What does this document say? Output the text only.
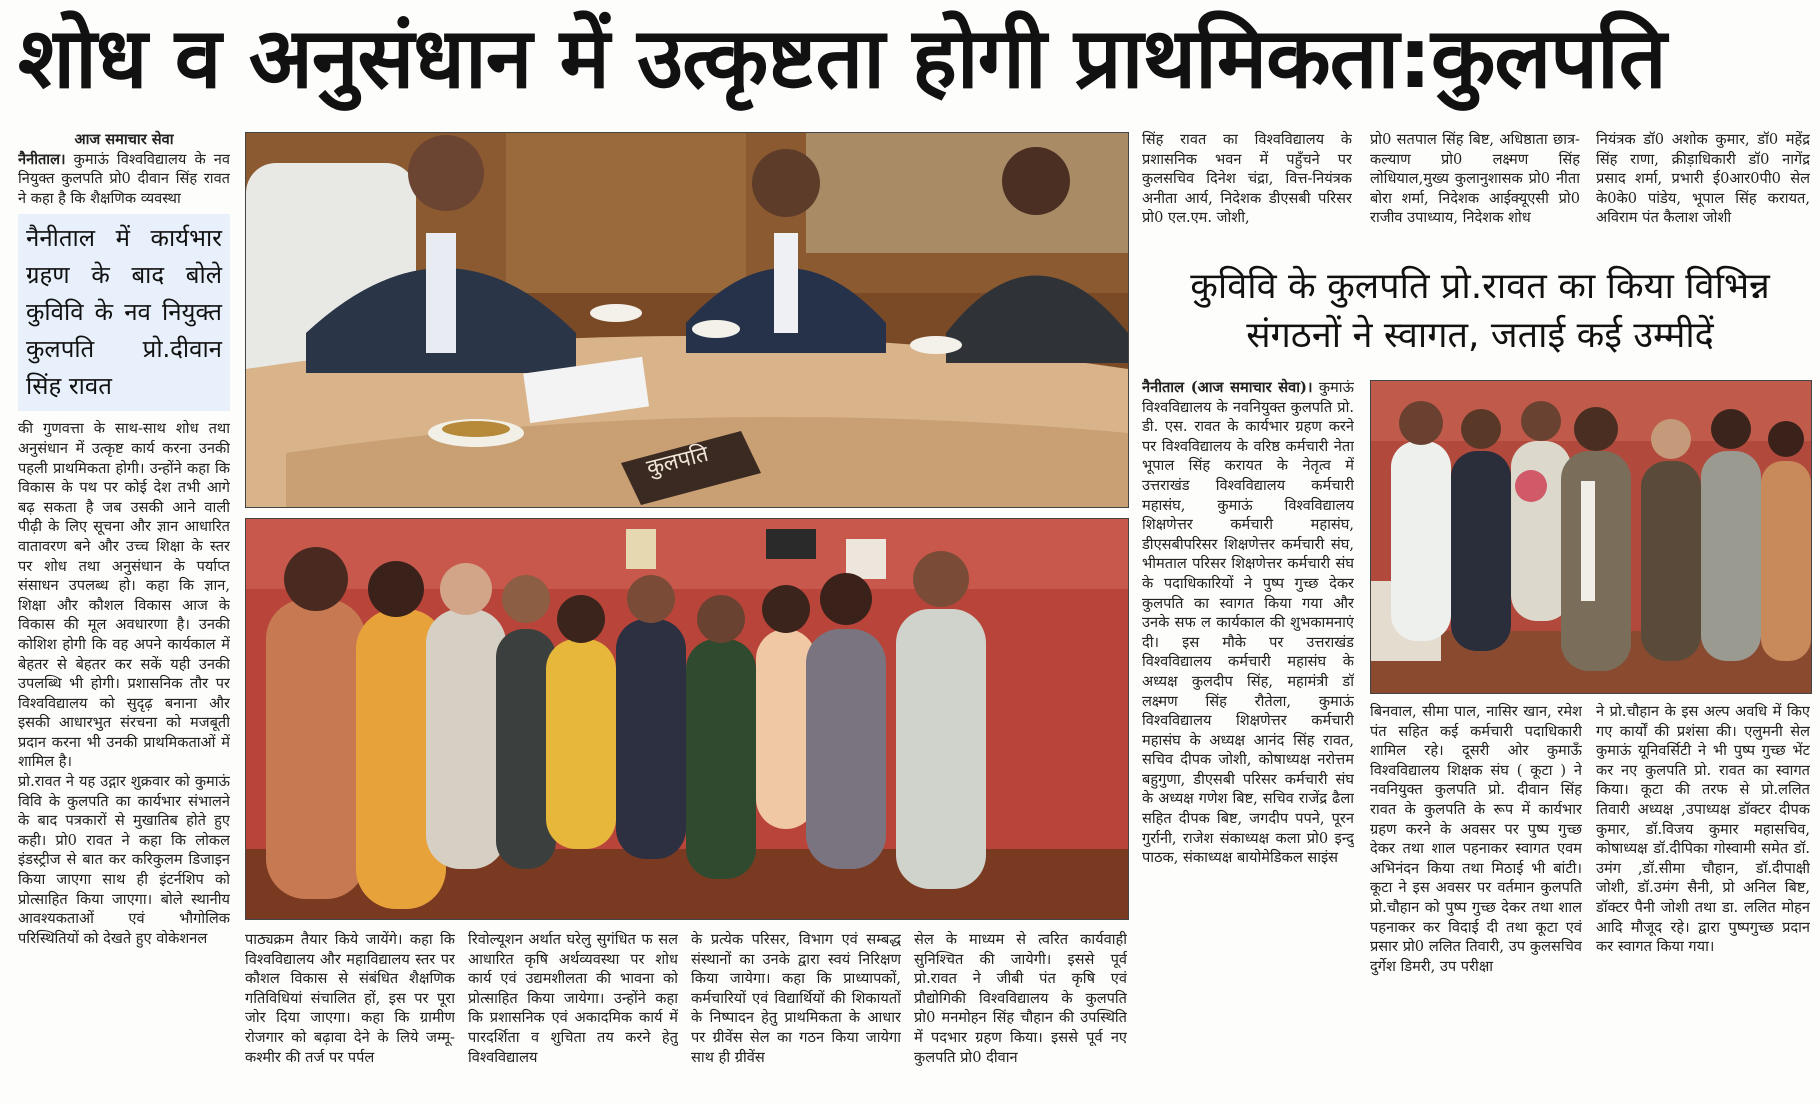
शोध व अनुसंधान में उत्कृष्टता होगी प्राथमिकता:कुलपति

आज समाचार सेवा

नैनीताल। कुमाऊं विश्वविद्यालय के नव नियुक्त कुलपति प्रो0 दीवान सिंह रावत ने कहा है कि शैक्षणिक व्यवस्था

नैनीताल में कार्यभार ग्रहण के बाद बोले कुविवि के नव नियुक्त कुलपति प्रो.दीवान सिंह रावत

की गुणवत्ता के साथ-साथ शोध तथा अनुसंधान में उत्कृष्ट कार्य करना उनकी पहली प्राथमिकता होगी। उन्होंने कहा कि विकास के पथ पर कोई देश तभी आगे बढ़ सकता है जब उसकी आने वाली पीढ़ी के लिए सूचना और ज्ञान आधारित वातावरण बने और उच्च शिक्षा के स्तर पर शोध तथा अनुसंधान के पर्याप्त संसाधन उपलब्ध हो। कहा कि ज्ञान, शिक्षा और कौशल विकास आज के विकास की मूल अवधारणा है। उनकी कोशिश होगी कि वह अपने कार्यकाल में बेहतर से बेहतर कर सकें यही उनकी उपलब्धि भी होगी। प्रशासनिक तौर पर विश्वविद्यालय को सुदृढ़ बनाना और इसकी आधारभुत संरचना को मजबूती प्रदान करना भी उनकी प्राथमिकताओं में शामिल है।

प्रो.रावत ने यह उद्गार शुक्रवार को कुमाऊं विवि के कुलपति का कार्यभार संभालने के बाद पत्रकारों से मुखातिब होते हुए कही। प्रो0 रावत ने कहा कि लोकल इंडस्ट्रीज से बात कर करिकुलम डिजाइन किया जाएगा साथ ही इंटर्नशिप को प्रोत्साहित किया जाएगा। बोले स्थानीय आवश्यकताओं एवं भौगोलिक परिस्थितियों को देखते हुए वोकेशनल

कुलपति
पाठ्यक्रम तैयार किये जायेंगे। कहा कि विश्वविद्यालय और महाविद्यालय स्तर पर कौशल विकास से संबंधित शैक्षणिक गतिविधियां संचालित हों, इस पर पूरा जोर दिया जाएगा। कहा कि ग्रामीण रोजगार को बढ़ावा देने के लिये जम्मू-कश्मीर की तर्ज पर पर्पल
रिवोल्यूशन अर्थात घरेलु सुगंधित फ सल आधारित कृषि अर्थव्यवस्था पर शोध कार्य एवं उद्यमशीलता की भावना को प्रोत्साहित किया जायेगा। उन्होंने कहा कि प्रशासनिक एवं अकादमिक कार्य में पारदर्शिता व शुचिता तय करने हेतु विश्वविद्यालय
के प्रत्येक परिसर, विभाग एवं सम्बद्ध संस्थानों का उनके द्वारा स्वयं निरिक्षण किया जायेगा। कहा कि प्राध्यापकों, कर्मचारियों एवं विद्यार्थियों की शिकायतों के निष्पादन हेतु प्राथमिकता के आधार पर ग्रीवेंस सेल का गठन किया जायेगा साथ ही ग्रीवेंस
सेल के माध्यम से त्वरित कार्यवाही सुनिश्चित की जायेगी। इससे पूर्व प्रो.रावत ने जीबी पंत कृषि एवं प्रौद्योगिकी विश्वविद्यालय के कुलपति प्रो0 मनमोहन सिंह चौहान की उपस्थिति में पदभार ग्रहण किया। इससे पूर्व नए कुलपति प्रो0 दीवान
सिंह रावत का विश्वविद्यालय के प्रशासनिक भवन में पहुँचने पर कुलसचिव दिनेश चंद्रा, वित्त-नियंत्रक अनीता आर्य, निदेशक डीएसबी परिसर प्रो0 एल.एम. जोशी,
प्रो0 सतपाल सिंह बिष्ट, अधिष्ठाता छात्र-कल्याण प्रो0 लक्ष्मण सिंह लोधियाल,मुख्य कुलानुशासक प्रो0 नीता बोरा शर्मा, निदेशक आईक्यूएसी प्रो0 राजीव उपाध्याय, निदेशक शोध
नियंत्रक डॉ0 अशोक कुमार, डॉ0 महेंद्र सिंह राणा, क्रीड़ाधिकारी डॉ0 नागेंद्र प्रसाद शर्मा, प्रभारी ई0आर0पी0 सेल के0के0 पांडेय, भूपाल सिंह करायत, अविराम पंत कैलाश जोशी
कुविवि के कुलपति प्रो.रावत का किया विभिन्न संगठनों ने स्वागत, जताई कई उम्मीदें

नैनीताल (आज समाचार सेवा)। कुमाऊं विश्वविद्यालय के नवनियुक्त कुलपति प्रो. डी. एस. रावत के कार्यभार ग्रहण करने पर विश्वविद्यालय के वरिष्ठ कर्मचारी नेता भूपाल सिंह करायत के नेतृत्व में उत्तराखंड विश्वविद्यालय कर्मचारी महासंघ, कुमाऊं विश्वविद्यालय शिक्षणेत्तर कर्मचारी महासंघ, डीएसबीपरिसर शिक्षणेत्तर कर्मचारी संघ, भीमताल परिसर शिक्षणेत्तर कर्मचारी संघ के पदाधिकारियों ने पुष्प गुच्छ देकर कुलपति का स्वागत किया गया और उनके सफ ल कार्यकाल की शुभकामनाएं दी। इस मौके पर उत्तराखंड विश्वविद्यालय कर्मचारी महासंघ के अध्यक्ष कुलदीप सिंह, महामंत्री डॉ लक्ष्मण सिंह रौतेला, कुमाऊं विश्वविद्यालय शिक्षणेत्तर कर्मचारी महासंघ के अध्यक्ष आनंद सिंह रावत, सचिव दीपक जोशी, कोषाध्यक्ष नरोत्तम बहुगुणा, डीएसबी परिसर कर्मचारी संघ के अध्यक्ष गणेश बिष्ट, सचिव राजेंद्र ढैला सहित दीपक बिष्ट, जगदीप पपने, पूरन गुर्रानी, राजेश संकाध्यक्ष कला प्रो0 इन्दु पाठक, संकाध्यक्ष बायोमेडिकल साइंस

बिनवाल, सीमा पाल, नासिर खान, रमेश पंत सहित कई कर्मचारी पदाधिकारी शामिल रहे। दूसरी ओर कुमाऊँ विश्वविद्यालय शिक्षक संघ ( कूटा ) ने नवनियुक्त कुलपति प्रो. दीवान सिंह रावत के कुलपति के रूप में कार्यभार ग्रहण करने के अवसर पर पुष्प गुच्छ देकर तथा शाल पहनाकर स्वागत एवम अभिनंदन किया तथा मिठाई भी बांटी। कूटा ने इस अवसर पर वर्तमान कुलपति प्रो.चौहान को पुष्प गुच्छ देकर तथा शाल पहनाकर कर विदाई दी तथा कूटा एवं प्रसार प्रो0 ललित तिवारी, उप कुलसचिव दुर्गेश डिमरी, उप परीक्षा
ने प्रो.चौहान के इस अल्प अवधि में किए गए कार्यों की प्रशंसा की। एलुमनी सेल कुमाऊं यूनिवर्सिटी ने भी पुष्प गुच्छ भेंट कर नए कुलपति प्रो. रावत का स्वागत किया। कूटा की तरफ से प्रो.ललित तिवारी अध्यक्ष ,उपाध्यक्ष डॉक्टर दीपक कुमार, डॉ.विजय कुमार महासचिव, कोषाध्यक्ष डॉ.दीपिका गोस्वामी समेत डॉ. उमंग ,डॉ.सीमा चौहान, डॉ.दीपाक्षी जोशी, डॉ.उमंग सैनी, प्रो अनिल बिष्ट, डॉक्टर पैनी जोशी तथा डा. ललित मोहन आदि मौजूद रहे। द्वारा पुष्पगुच्छ प्रदान कर स्वागत किया गया।
